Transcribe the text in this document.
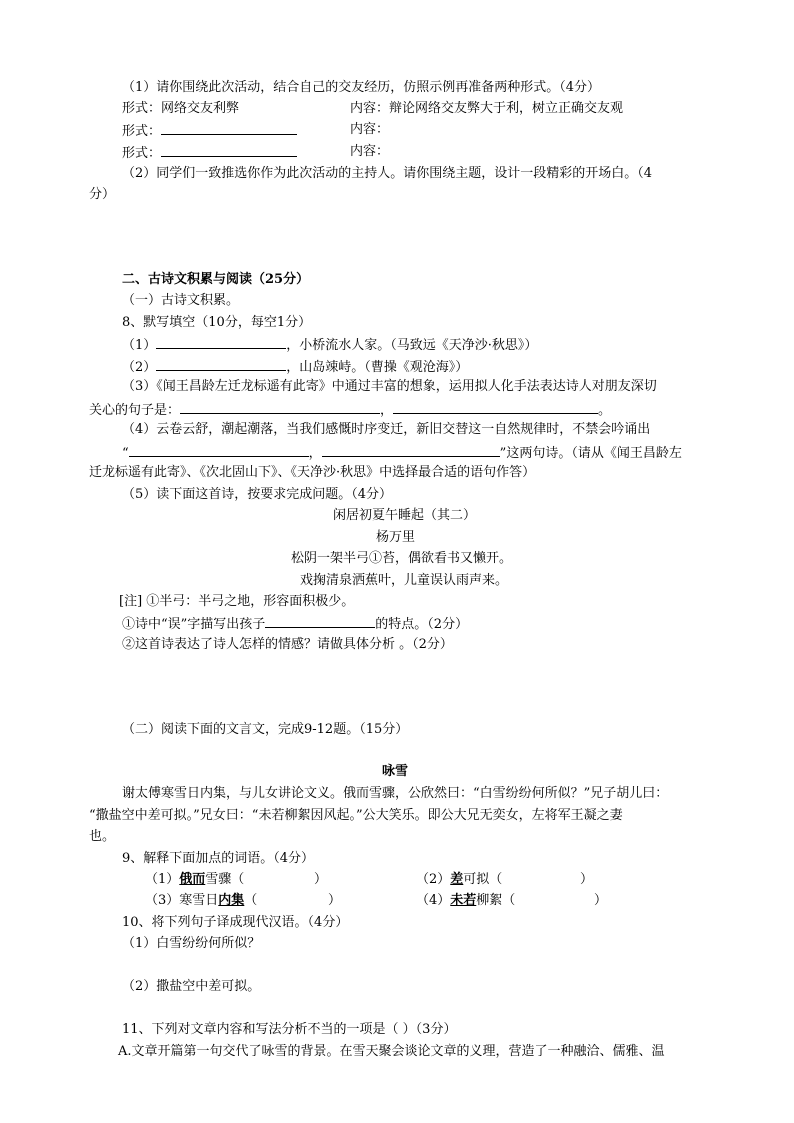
（1）请你围绕此次活动，结合自己的交友经历，仿照示例再准备两种形式。（4分）
形式：网络交友利弊	内容：辩论网络交友弊大于利，树立正确交友观
形式：	内容：
形式：	内容：
（2）同学们一致推选你作为此次活动的主持人。请你围绕主题，设计一段精彩的开场白。（4
分）
二、古诗文积累与阅读（25分）
（一）古诗文积累。
8、默写填空（10分，每空1分）
（1）	，小桥流水人家。（马致远《天净沙·秋思》）
（2）	，山岛竦峙。（曹操《观沧海》）
（3）《闻王昌龄左迁龙标遥有此寄》中通过丰富的想象，运用拟人化手法表达诗人对朋友深切
关心的句子是：	，	。
（4）云卷云舒，潮起潮落，当我们感慨时序变迁，新旧交替这一自然规律时，不禁会吟诵出
“	，	”这两句诗。（请从《闻王昌龄左
迁龙标遥有此寄》、《次北固山下》、《天净沙·秋思》中选择最合适的语句作答）
（5）读下面这首诗，按要求完成问题。（4分）
闲居初夏午睡起（其二）
杨万里
松阴一架半弓①苔，偶欲看书又懒开。
戏掬清泉洒蕉叶，儿童误认雨声来。
[注] ①半弓：半弓之地，形容面积极少。
①诗中“误”字描写出孩子	的特点。（2分）
②这首诗表达了诗人怎样的情感？请做具体分析 。（2分）
（二）阅读下面的文言文，完成9-12题。（15分）
咏雪
谢太傅寒雪日内集，与儿女讲论文义。俄而雪骤，公欣然曰：“白雪纷纷何所似？”兄子胡儿曰：
“撒盐空中差可拟。”兄女曰：“未若柳絮因风起。”公大笑乐。即公大兄无奕女，左将军王凝之妻
也。
9、解释下面加点的词语。（4分）
（1）俄而雪骤（	）	（2）差可拟（	）
（3）寒雪日内集（	）	（4）未若柳絮（	）
10、将下列句子译成现代汉语。（4分）
（1）白雪纷纷何所似？
（2）撒盐空中差可拟。
11、下列对文章内容和写法分析不当的一项是（ ）（3分）
A.文章开篇第一句交代了咏雪的背景。在雪天聚会谈论文章的义理，营造了一种融洽、儒雅、温
